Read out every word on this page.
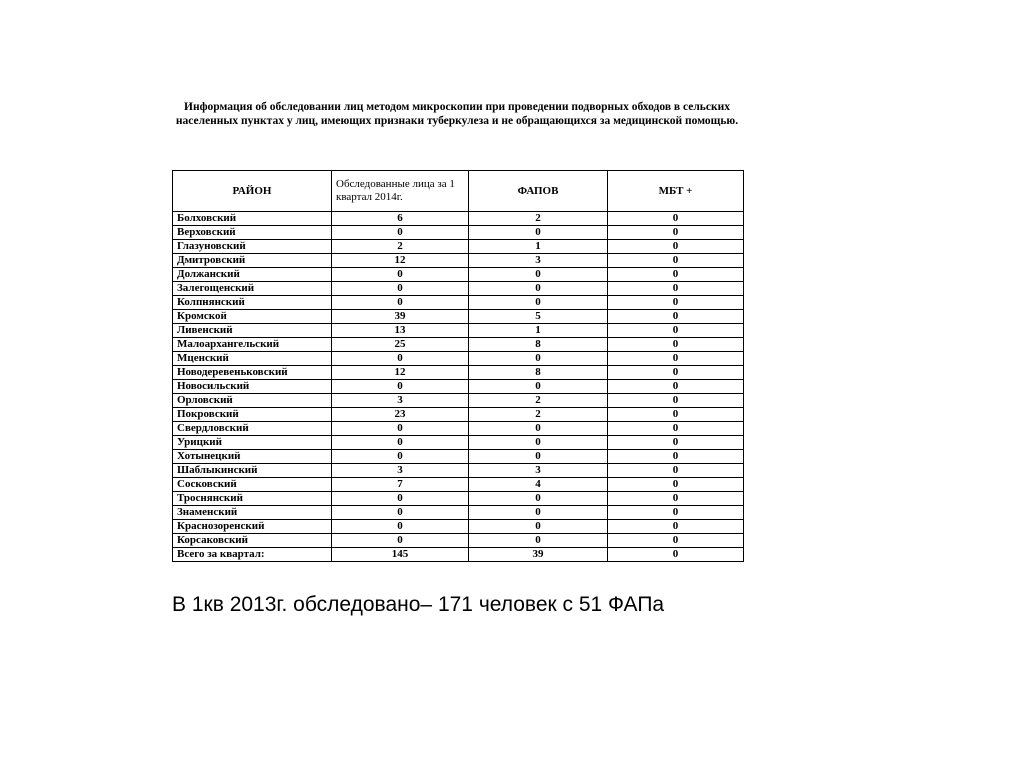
Информация об обследовании лиц методом микроскопии при проведении подворных обходов в сельских населенных пунктах у лиц, имеющих признаки туберкулеза и не обращающихся за медицинской помощью.
РАЙОН	Обследованные лица за 1 квартал 2014г.	ФАПОВ	МБТ +
Болховский	6	2	0
Верховский	0	0	0
Глазуновский	2	1	0
Дмитровский	12	3	0
Должанский	0	0	0
Залегощенский	0	0	0
Колпнянский	0	0	0
Кромской	39	5	0
Ливенский	13	1	0
Малоархангельский	25	8	0
Мценский	0	0	0
Новодеревеньковский	12	8	0
Новосильский	0	0	0
Орловский	3	2	0
Покровский	23	2	0
Свердловский	0	0	0
Урицкий	0	0	0
Хотынецкий	0	0	0
Шаблыкинский	3	3	0
Сосковский	7	4	0
Троснянский	0	0	0
Знаменский	0	0	0
Краснозоренский	0	0	0
Корсаковский	0	0	0
Всего за квартал:	145	39	0
В 1кв 2013г. обследовано– 171 человек с 51 ФАПа
